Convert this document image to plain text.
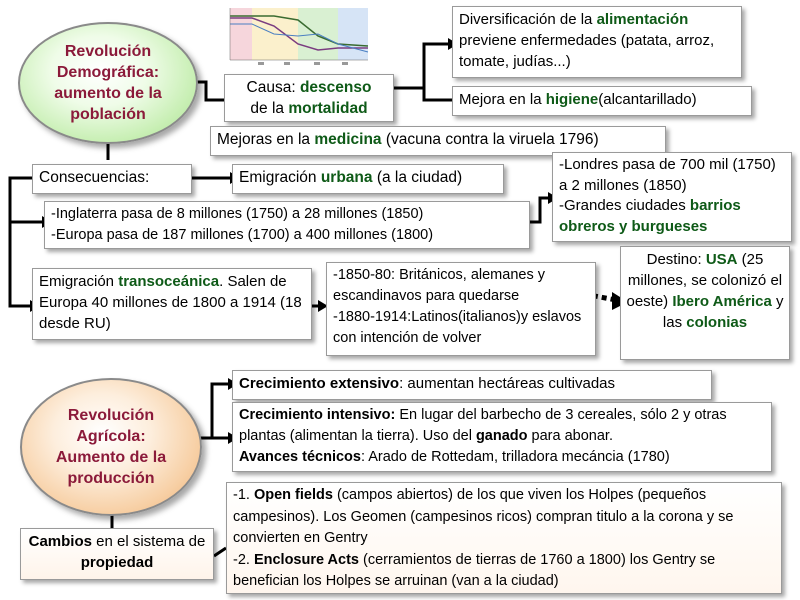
Revolución
Demográfica:
aumento de la
población
Causa: descenso
de la mortalidad
Diversificación de la alimentación previene enfermedades (patata, arroz, tomate, judías...)
Mejora en la higiene(alcantarillado)
Mejoras en la medicina (vacuna contra la viruela 1796)
Consecuencias:	Emigración urbana (a la ciudad)
-Londres pasa de 700 mil (1750) a 2 millones (1850)
-Grandes ciudades barrios obreros y burgueses
-Inglaterra pasa de 8 millones (1750) a 28 millones (1850)
-Europa pasa de 187 millones (1700) a 400 millones (1800)
Emigración transoceánica. Salen de Europa 40 millones de 1800 a 1914 (18 desde RU)
-1850-80: Británicos, alemanes y escandinavos para quedarse
-1880-1914:Latinos(italianos)y eslavos con intención de volver
Destino: USA (25 millones, se colonizó el oeste) Ibero América y las colonias
Revolución
Agrícola:
Aumento de la
producción
Crecimiento extensivo: aumentan hectáreas cultivadas
Crecimiento intensivo: En lugar del barbecho de 3 cereales, sólo 2 y otras plantas (alimentan la tierra). Uso del ganado para abonar.
Avances técnicos: Arado de Rottedam, trilladora mecáncia (1780)
Cambios en el sistema de propiedad
-1. Open fields (campos abiertos) de los que viven los Holpes (pequeños campesinos). Los Geomen (campesinos ricos) compran titulo a la corona y se convierten en Gentry
-2. Enclosure Acts (cerramientos de tierras de 1760 a 1800) los Gentry se benefician los Holpes se arruinan (van a la ciudad)
